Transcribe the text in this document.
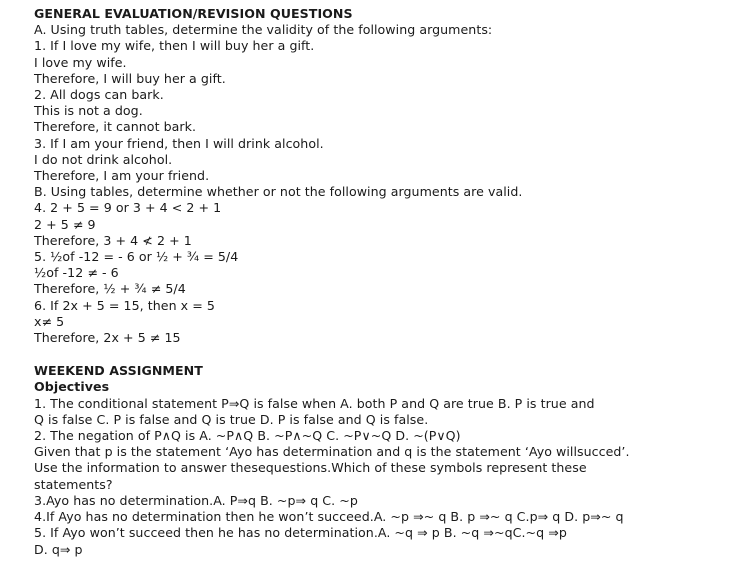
GENERAL EVALUATION/REVISION QUESTIONS
A. Using truth tables, determine the validity of the following arguments:
1. If I love my wife, then I will buy her a gift.
I love my wife.
Therefore, I will buy her a gift.
2. All dogs can bark.
This is not a dog.
Therefore, it cannot bark.
3. If I am your friend, then I will drink alcohol.
I do not drink alcohol.
Therefore, I am your friend.
B. Using tables, determine whether or not the following arguments are valid.
4. 2 + 5 = 9 or 3 + 4 < 2 + 1
2 + 5 ≠ 9
Therefore, 3 + 4 ≮ 2 + 1
5. ½of -12 = - 6 or ½ + ¾ = 5/4
½of -12 ≠ - 6
Therefore, ½ + ¾ ≠ 5/4
6. If 2x + 5 = 15, then x = 5
x≠ 5
Therefore, 2x + 5 ≠ 15
WEEKEND ASSIGNMENT
Objectives
1. The conditional statement P⇒Q is false when A. both P and Q are true B. P is true and
Q is false C. P is false and Q is true D. P is false and Q is false.
2. The negation of P∧Q is A. ~P∧Q B. ~P∧~Q C. ~P∨~Q D. ~(P∨Q)
Given that p is the statement ‘Ayo has determination and q is the statement ‘Ayo willsucced’.
Use the information to answer thesequestions.Which of these symbols represent these
statements?
3.Ayo has no determination.A. P⇒q B. ~p⇒ q C. ~p
4.If Ayo has no determination then he won’t succeed.A. ~p ⇒~ q B. p ⇒~ q C.p⇒ q D. p⇒~ q
5. If Ayo won’t succeed then he has no determination.A. ~q ⇒ p B. ~q ⇒~qC.~q ⇒p
D. q⇒ p
